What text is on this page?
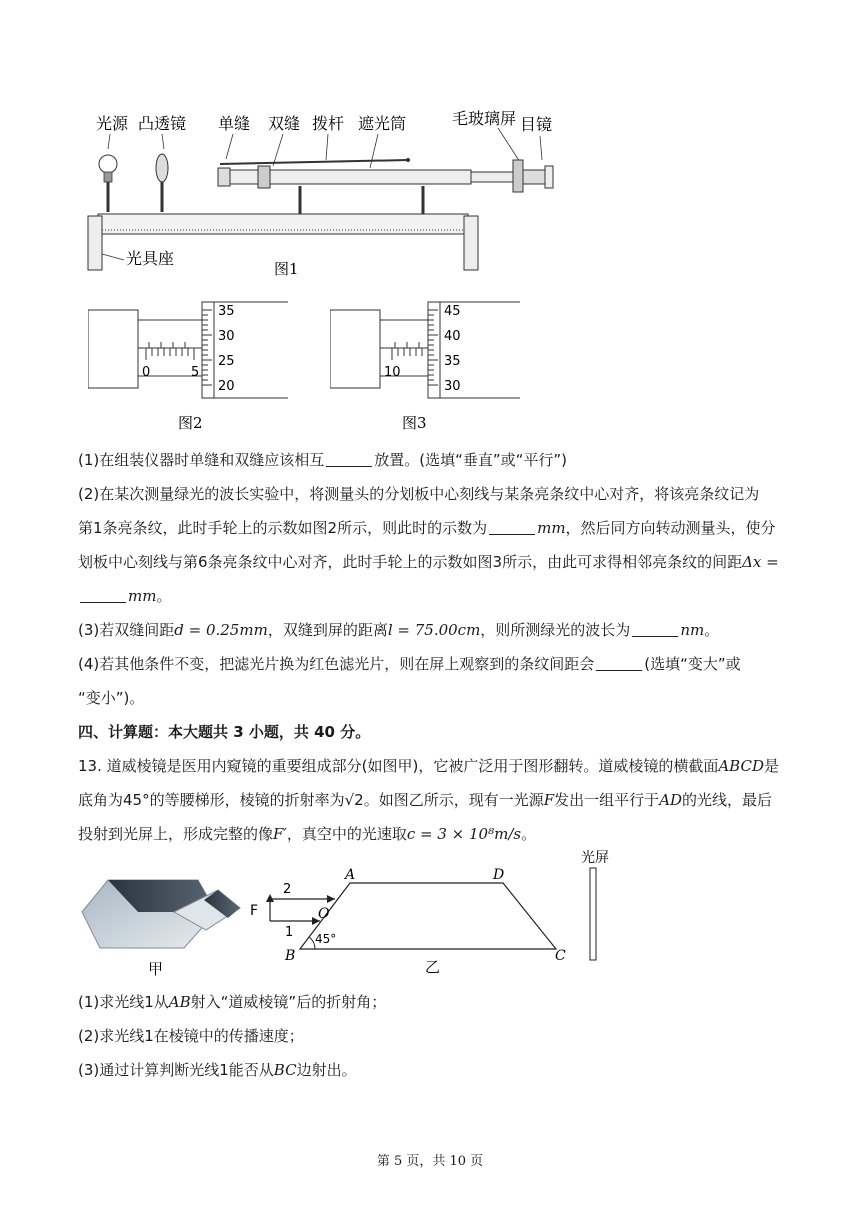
光源 凸透镜 单缝 双缝 拨杆 遮光筒	毛玻璃屏 目镜
光具座
图1
0	5
35
30
25
20
图2
10
45
40
35
30
图3
(1)在组装仪器时单缝和双缝应该相互	放置。(选填“垂直”或“平行”)
(2)在某次测量绿光的波长实验中，将测量头的分划板中心刻线与某条亮条纹中心对齐，将该亮条纹记为
第1条亮条纹，此时手轮上的示数如图2所示，则此时的示数为	mm，然后同方向转动测量头，使分
划板中心刻线与第6条亮条纹中心对齐，此时手轮上的示数如图3所示，由此可求得相邻亮条纹的间距Δx =
mm。
(3)若双缝间距d = 0.25mm，双缝到屏的距离l = 75.00cm，则所测绿光的波长为	nm。
(4)若其他条件不变，把滤光片换为红色滤光片，则在屏上观察到的条纹间距会	(选填“变大”或
“变小”)。
四、计算题：本大题共 3 小题，共 40 分。
13. 道威棱镜是医用内窥镜的重要组成部分(如图甲)，它被广泛用于图形翻转。道威棱镜的横截面ABCD是
底角为45°的等腰梯形，棱镜的折射率为√2。如图乙所示，现有一光源F发出一组平行于AD的光线，最后
投射到光屏上，形成完整的像F′，真空中的光速取c = 3 × 10⁸m/s。
甲
A	D
B	C
O
F
2
1 45°
光屏
乙
(1)求光线1从AB射入“道威棱镜”后的折射角；
(2)求光线1在棱镜中的传播速度；
(3)通过计算判断光线1能否从BC边射出。
第 5 页，共 10 页
